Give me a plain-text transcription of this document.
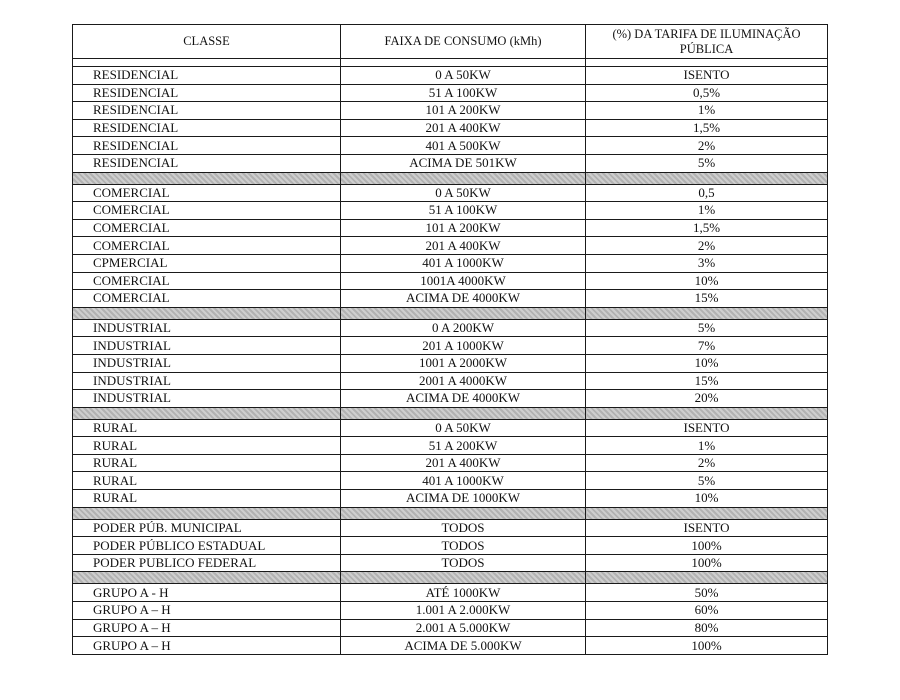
CLASSE	FAIXA DE CONSUMO (kMh)	(%) DA TARIFA DE ILUMINAÇÃO
PÚBLICA

RESIDENCIAL	0 A 50KW	ISENTO
RESIDENCIAL	51 A 100KW	0,5%
RESIDENCIAL	101 A 200KW	1%
RESIDENCIAL	201 A 400KW	1,5%
RESIDENCIAL	401 A 500KW	2%
RESIDENCIAL	ACIMA DE 501KW	5%

COMERCIAL	0 A 50KW	0,5
COMERCIAL	51 A 100KW	1%
COMERCIAL	101 A 200KW	1,5%
COMERCIAL	201 A 400KW	2%
CPMERCIAL	401 A 1000KW	3%
COMERCIAL	1001A 4000KW	10%
COMERCIAL	ACIMA DE 4000KW	15%

INDUSTRIAL	0 A 200KW	5%
INDUSTRIAL	201 A 1000KW	7%
INDUSTRIAL	1001 A 2000KW	10%
INDUSTRIAL	2001 A 4000KW	15%
INDUSTRIAL	ACIMA DE 4000KW	20%

RURAL	0 A 50KW	ISENTO
RURAL	51 A 200KW	1%
RURAL	201 A 400KW	2%
RURAL	401 A 1000KW	5%
RURAL	ACIMA DE 1000KW	10%

PODER PÚB. MUNICIPAL	TODOS	ISENTO
PODER PÚBLICO ESTADUAL	TODOS	100%
PODER PUBLICO FEDERAL	TODOS	100%

GRUPO A - H	ATÉ 1000KW	50%
GRUPO A – H	1.001 A 2.000KW	60%
GRUPO A – H	2.001 A 5.000KW	80%
GRUPO A – H	ACIMA DE 5.000KW	100%
